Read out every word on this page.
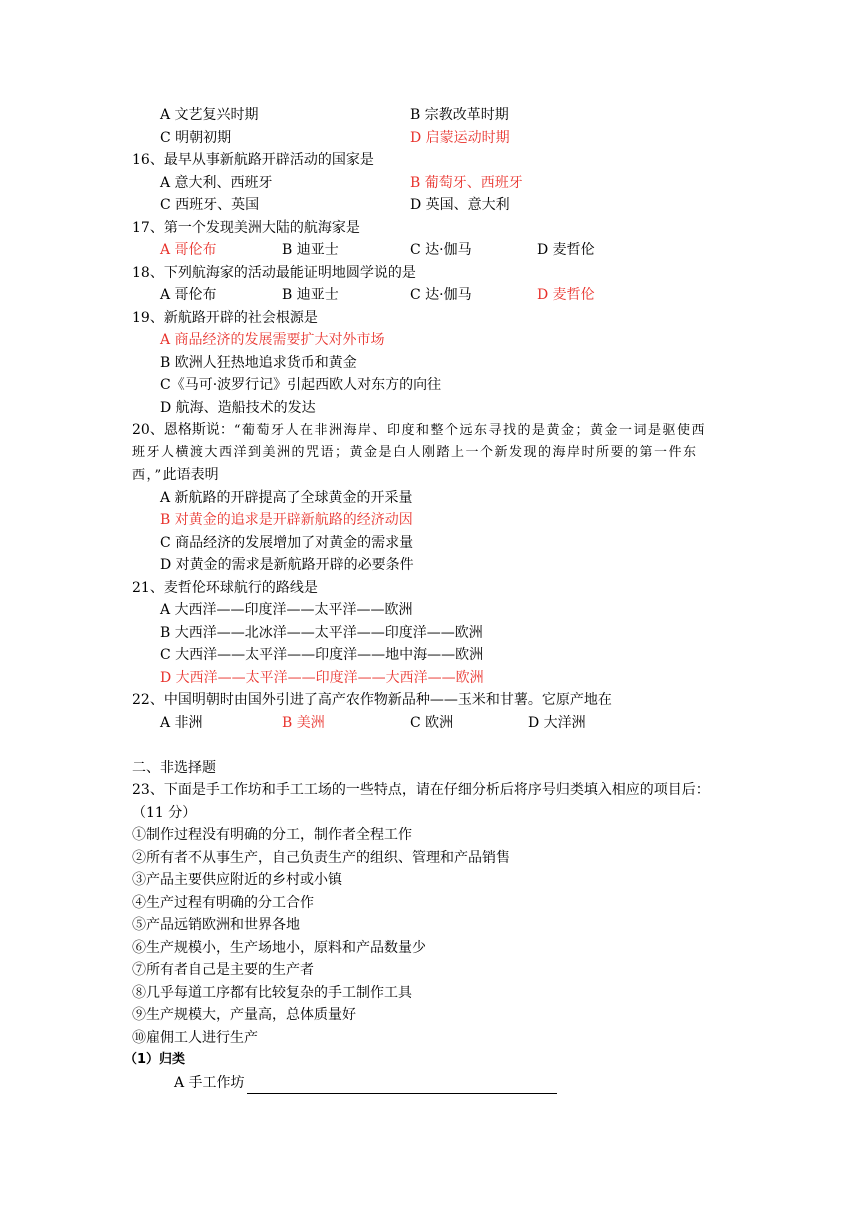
A 文艺复兴时期	B 宗教改革时期
C 明朝初期	D 启蒙运动时期
16、最早从事新航路开辟活动的国家是
A 意大利、西班牙	B 葡萄牙、西班牙
C 西班牙、英国	D 英国、意大利
17、第一个发现美洲大陆的航海家是
A 哥伦布	B 迪亚士	C 达·伽马	D 麦哲伦
18、下列航海家的活动最能证明地圆学说的是
A 哥伦布	B 迪亚士	C 达·伽马	D 麦哲伦
19、新航路开辟的社会根源是
A 商品经济的发展需要扩大对外市场
B 欧洲人狂热地追求货币和黄金
C《马可·波罗行记》引起西欧人对东方的向往
D 航海、造船技术的发达
20、恩格斯说：“葡萄牙人在非洲海岸、印度和整个远东寻找的是黄金；黄金一词是驱使西
班牙人横渡大西洋到美洲的咒语；黄金是白人刚踏上一个新发现的海岸时所要的第一件东
西，”此语表明
A 新航路的开辟提高了全球黄金的开采量
B 对黄金的追求是开辟新航路的经济动因
C 商品经济的发展增加了对黄金的需求量
D 对黄金的需求是新航路开辟的必要条件
21、麦哲伦环球航行的路线是
A 大西洋——印度洋——太平洋——欧洲
B 大西洋——北冰洋——太平洋——印度洋——欧洲
C 大西洋——太平洋——印度洋——地中海——欧洲
D 大西洋——太平洋——印度洋——大西洋——欧洲
22、中国明朝时由国外引进了高产农作物新品种——玉米和甘薯。它原产地在
A 非洲	B 美洲	C 欧洲	D 大洋洲
二、非选择题
23、下面是手工作坊和手工工场的一些特点，请在仔细分析后将序号归类填入相应的项目后：
（11 分）
①制作过程没有明确的分工，制作者全程工作
②所有者不从事生产，自己负责生产的组织、管理和产品销售
③产品主要供应附近的乡村或小镇
④生产过程有明确的分工合作
⑤产品远销欧洲和世界各地
⑥生产规模小，生产场地小，原料和产品数量少
⑦所有者自己是主要的生产者
⑧几乎每道工序都有比较复杂的手工制作工具
⑨生产规模大，产量高，总体质量好
⑩雇佣工人进行生产
（1）归类
A 手工作坊
